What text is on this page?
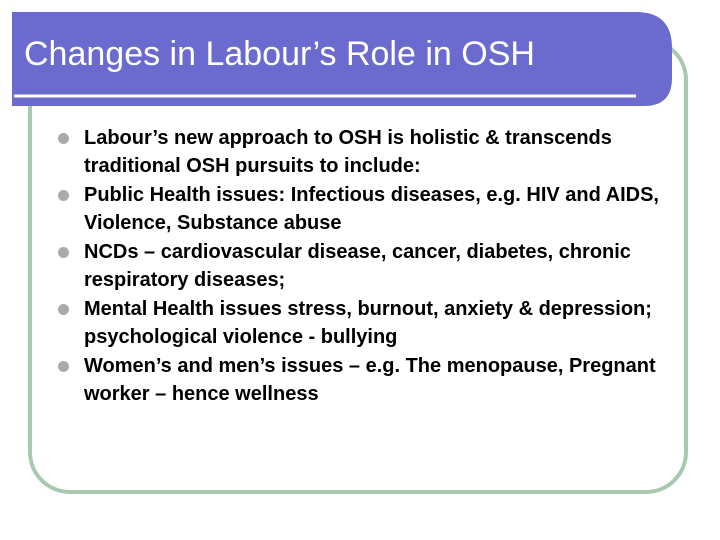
Changes in Labour’s Role in OSH
Labour’s new approach to OSH is holistic & transcends traditional OSH pursuits to include:
Public Health issues: Infectious diseases, e.g. HIV and AIDS, Violence, Substance abuse
NCDs – cardiovascular disease, cancer, diabetes, chronic respiratory diseases;
Mental Health issues stress, burnout, anxiety & depression; psychological violence - bullying
Women’s and men’s issues – e.g. The menopause, Pregnant worker – hence wellness
